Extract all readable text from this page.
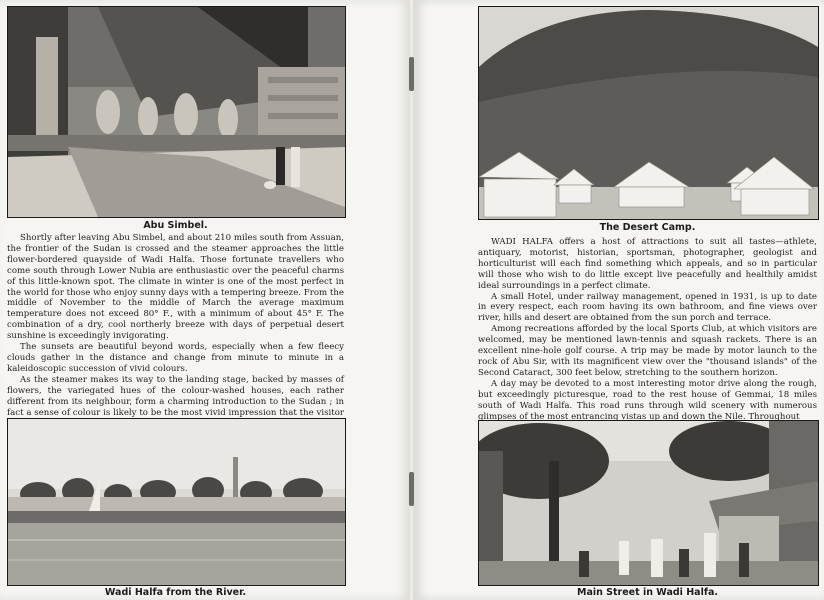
Abu Simbel.

Shortly after leaving Abu Simbel, and about 210 miles south from Assuan, the frontier of the Sudan is crossed and the steamer approaches the little flower-bordered quayside of Wadi Halfa. Those fortunate travellers who come south through Lower Nubia are enthusiastic over the peaceful charms of this little-known spot. The climate in winter is one of the most perfect in the world for those who enjoy sunny days with a tempering breeze. From the middle of November to the middle of March the average maximum temperature does not exceed 80° F., with a minimum of about 45° F. The combination of a dry, cool northerly breeze with days of perpetual desert sunshine is exceedingly invigorating.

The sunsets are beautiful beyond words, especially when a few fleecy clouds gather in the distance and change from minute to minute in a kaleidoscopic succession of vivid colours.

As the steamer makes its way to the landing stage, backed by masses of flowers, the variegated hues of the colour-washed houses, each rather different from its neighbour, form a charming introduction to the Sudan ; in fact a sense of colour is likely to be the most vivid impression that the visitor

Wadi Halfa from the River.
The Desert Camp.

WADI HALFA offers a host of attractions to suit all tastes—athlete, antiquary, motorist, historian, sportsman, photographer, geologist and horticulturist will each find something which appeals, and so in particular will those who wish to do little except live peacefully and healthily amidst ideal surroundings in a perfect climate.

A small Hotel, under railway management, opened in 1931, is up to date in every respect, each room having its own bathroom, and fine views over river, hills and desert are obtained from the sun porch and terrace.

Among recreations afforded by the local Sports Club, at which visitors are welcomed, may be mentioned lawn-tennis and squash rackets. There is an excellent nine-hole golf course. A trip may be made by motor launch to the rock of Abu Sir, with its magnificent view over the "thousand islands" of the Second Cataract, 300 feet below, stretching to the southern horizon.

A day may be devoted to a most interesting motor drive along the rough, but exceedingly picturesque, road to the rest house of Gemmai, 18 miles south of Wadi Halfa. This road runs through wild scenery with numerous glimpses of the most entrancing vistas up and down the Nile. Throughout

Main Street in Wadi Halfa.
